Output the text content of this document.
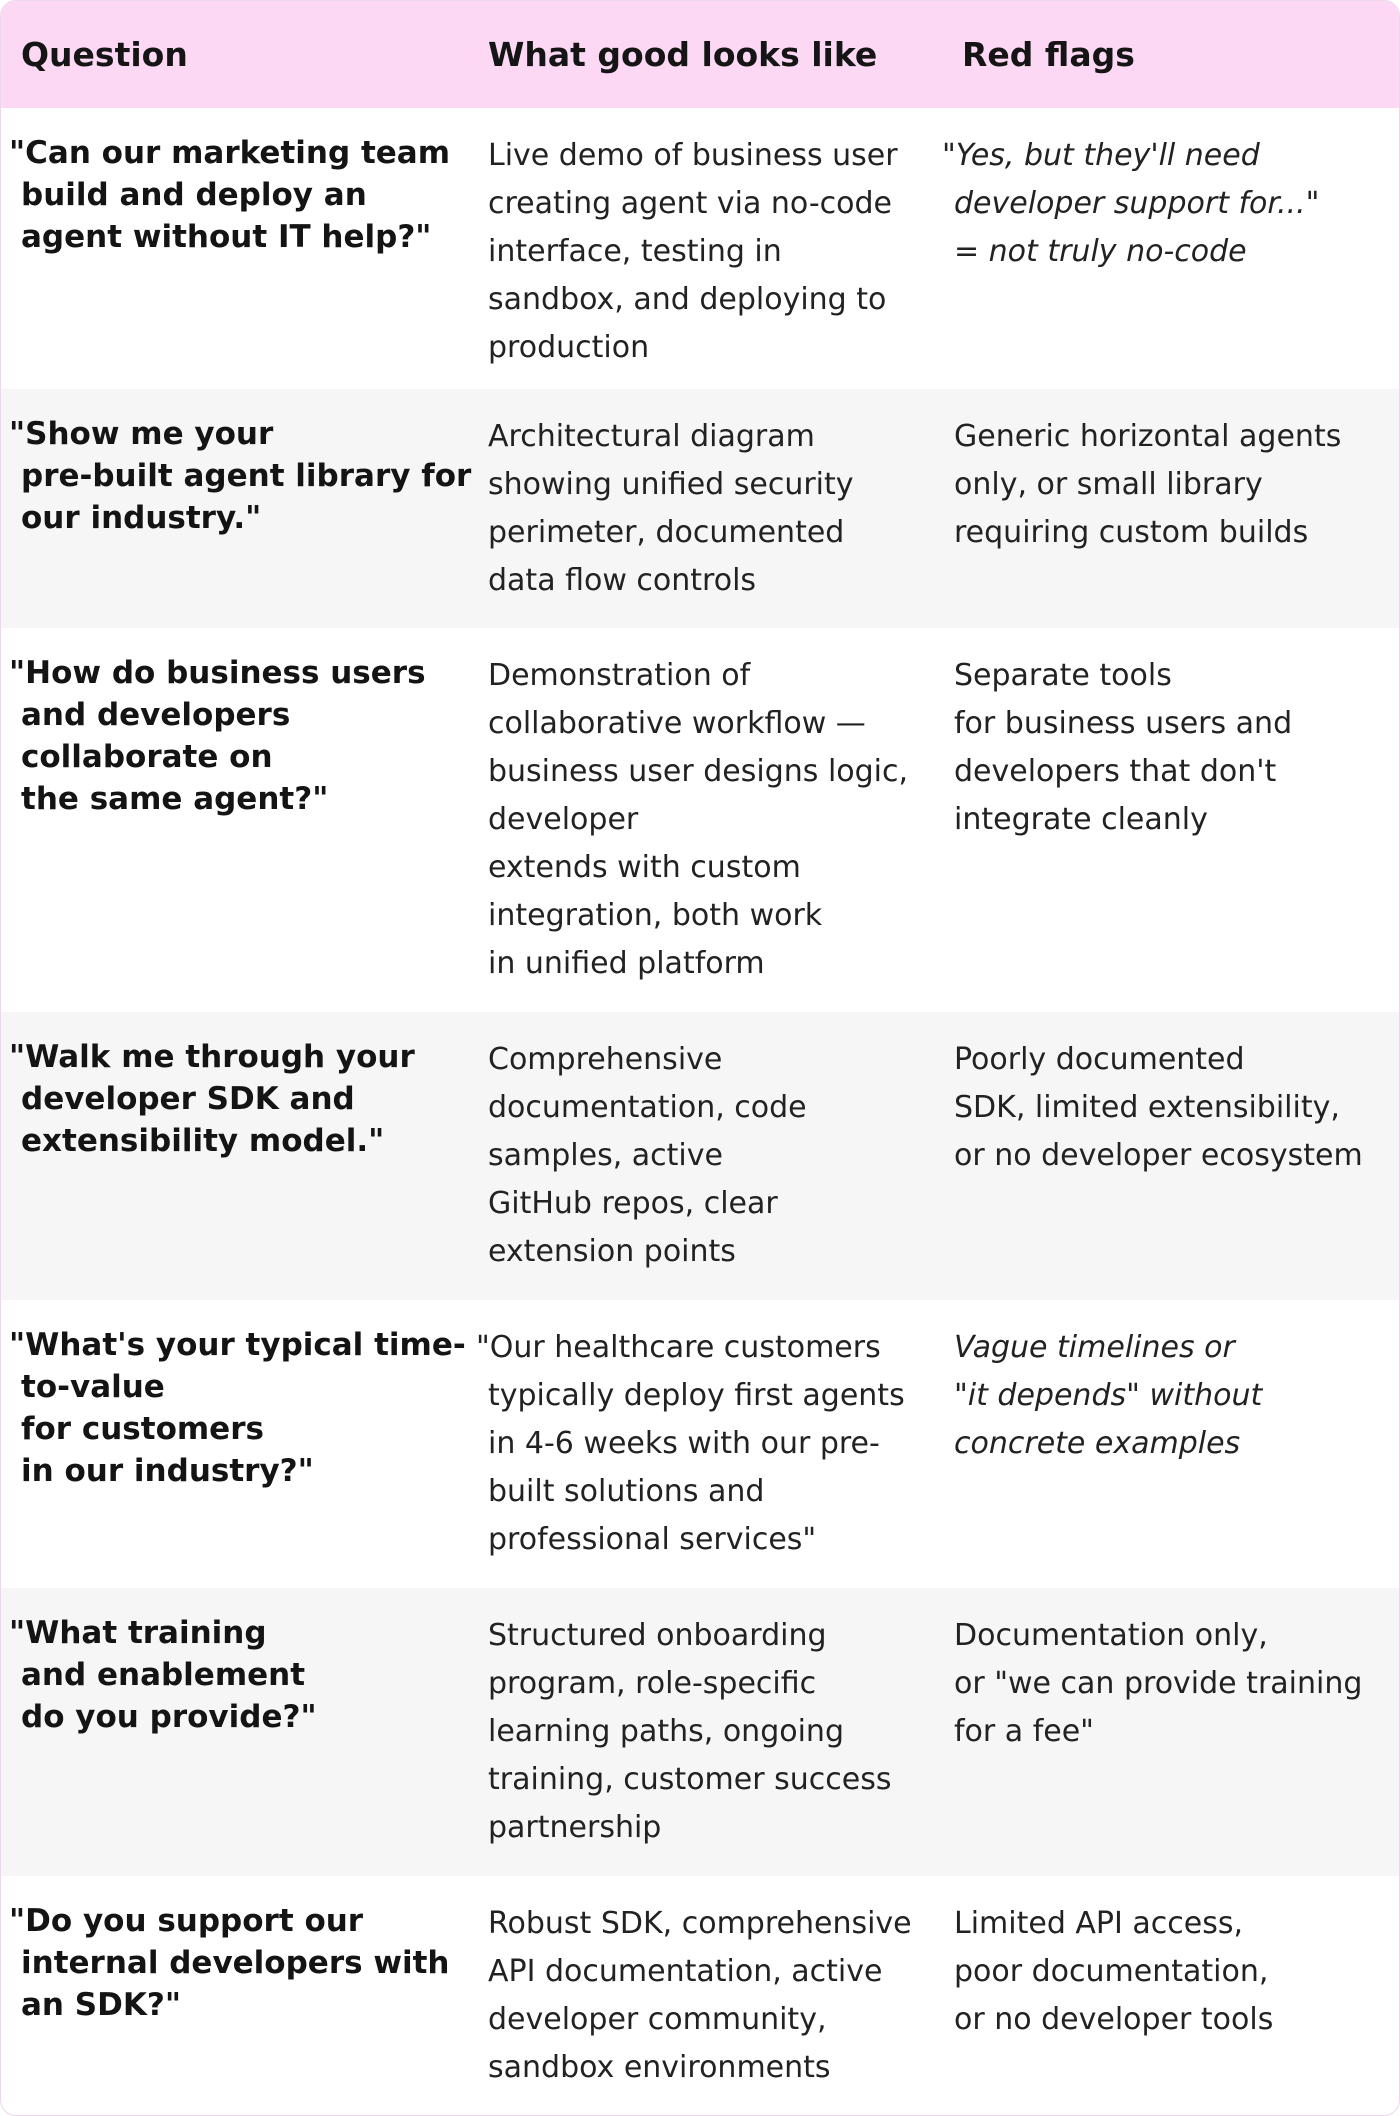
Question	What good looks like	Red flags
"Can our marketing team
build and deploy an
agent without IT help?"
Live demo of business user
creating agent via no-code
interface, testing in
sandbox, and deploying to
production
"Yes, but they'll need
developer support for..."
= not truly no-code
"Show me your
pre-built agent library for
our industry."
Architectural diagram
showing unified security
perimeter, documented
data flow controls
Generic horizontal agents
only, or small library
requiring custom builds
"How do business users
and developers
collaborate on
the same agent?"
Demonstration of
collaborative workflow —
business user designs logic,
developer
extends with custom
integration, both work
in unified platform
Separate tools
for business users and
developers that don't
integrate cleanly
"Walk me through your
developer SDK and
extensibility model."
Comprehensive
documentation, code
samples, active
GitHub repos, clear
extension points
Poorly documented
SDK, limited extensibility,
or no developer ecosystem
"What's your typical time-
to-value
for customers
in our industry?"
"Our healthcare customers
typically deploy first agents
in 4-6 weeks with our pre-
built solutions and
professional services"
Vague timelines or
"it depends" without
concrete examples
"What training
and enablement
do you provide?"
Structured onboarding
program, role-specific
learning paths, ongoing
training, customer success
partnership
Documentation only,
or "we can provide training
for a fee"
"Do you support our
internal developers with
an SDK?"
Robust SDK, comprehensive
API documentation, active
developer community,
sandbox environments
Limited API access,
poor documentation,
or no developer tools
